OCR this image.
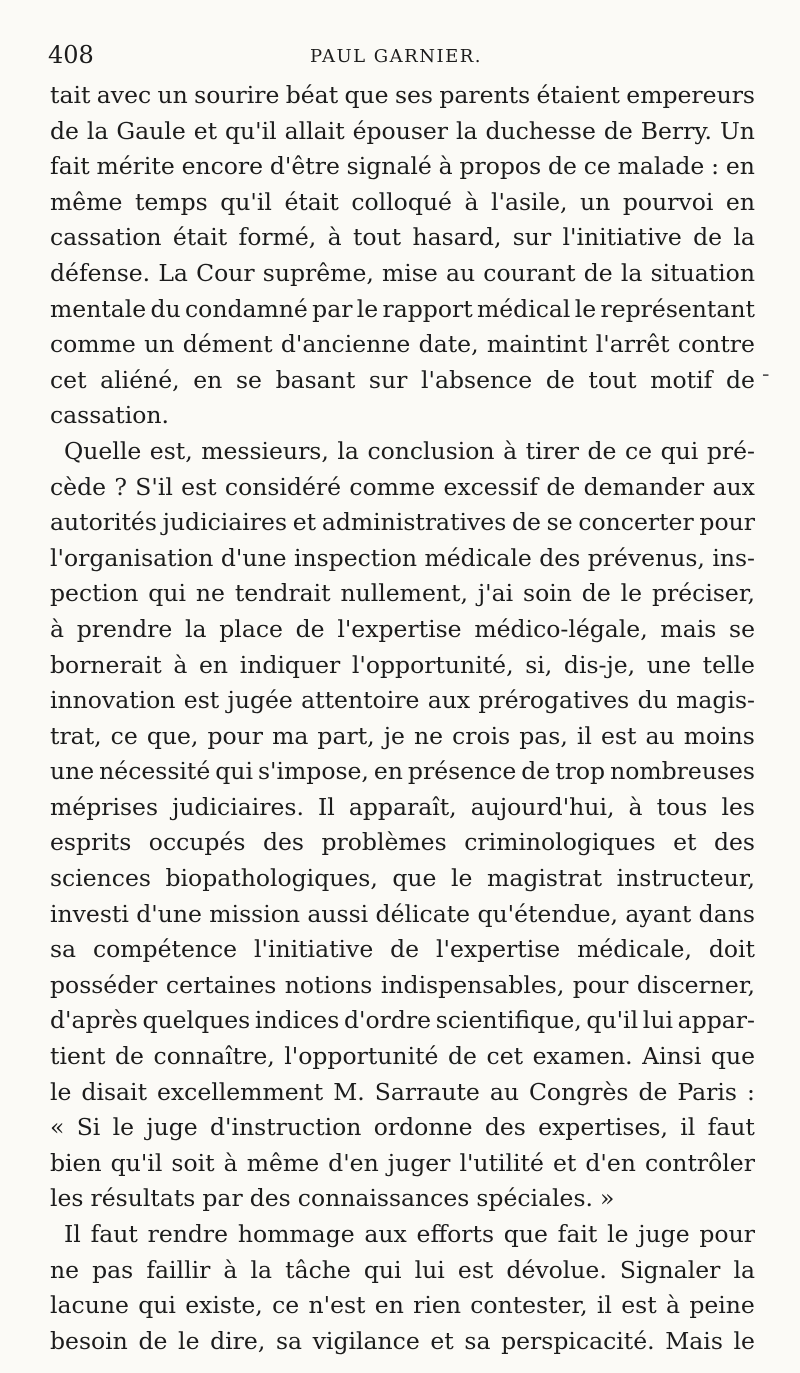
408	PAUL GARNIER.
tait avec un sourire béat que ses parents étaient empereurs
de la Gaule et qu'il allait épouser la duchesse de Berry. Un
fait mérite encore d'être signalé à propos de ce malade : en
même temps qu'il était colloqué à l'asile, un pourvoi en
cassation était formé, à tout hasard, sur l'initiative de la
défense. La Cour suprême, mise au courant de la situation
mentale du condamné par le rapport médical le représentant
comme un dément d'ancienne date, maintint l'arrêt contre
cet aliéné, en se basant sur l'absence de tout motif de
cassation.
Quelle est, messieurs, la conclusion à tirer de ce qui pré-
cède ? S'il est considéré comme excessif de demander aux
autorités judiciaires et administratives de se concerter pour
l'organisation d'une inspection médicale des prévenus, ins-
pection qui ne tendrait nullement, j'ai soin de le préciser,
à prendre la place de l'expertise médico-légale, mais se
bornerait à en indiquer l'opportunité, si, dis-je, une telle
innovation est jugée attentoire aux prérogatives du magis-
trat, ce que, pour ma part, je ne crois pas, il est au moins
une nécessité qui s'impose, en présence de trop nombreuses
méprises judiciaires. Il apparaît, aujourd'hui, à tous les
esprits occupés des problèmes criminologiques et des
sciences biopathologiques, que le magistrat instructeur,
investi d'une mission aussi délicate qu'étendue, ayant dans
sa compétence l'initiative de l'expertise médicale, doit
posséder certaines notions indispensables, pour discerner,
d'après quelques indices d'ordre scientifique, qu'il lui appar-
tient de connaître, l'opportunité de cet examen. Ainsi que
le disait excellemment M. Sarraute au Congrès de Paris :
« Si le juge d'instruction ordonne des expertises, il faut
bien qu'il soit à même d'en juger l'utilité et d'en contrôler
les résultats par des connaissances spéciales. »
Il faut rendre hommage aux efforts que fait le juge pour
ne pas faillir à la tâche qui lui est dévolue. Signaler la
lacune qui existe, ce n'est en rien contester, il est à peine
besoin de le dire, sa vigilance et sa perspicacité. Mais le
-
